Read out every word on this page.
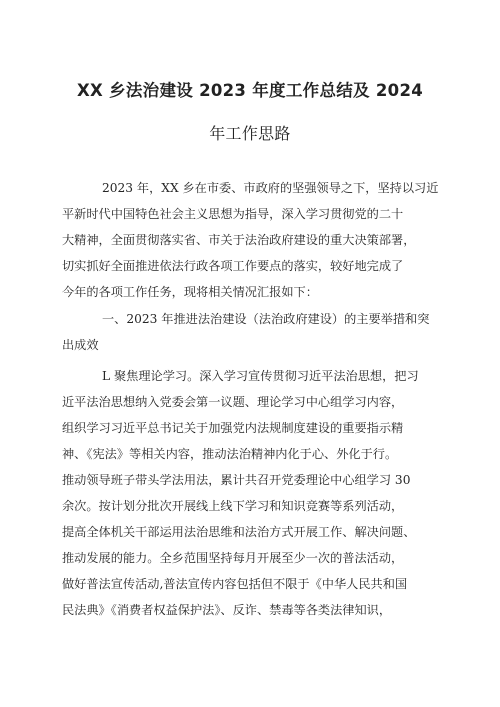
XX 乡法治建设 2023 年度工作总结及 2024
年工作思路
2023 年，XX 乡在市委、市政府的坚强领导之下，坚持以习近
平新时代中国特色社会主义思想为指导，深入学习贯彻党的二十
大精神，全面贯彻落实省、市关于法治政府建设的重大决策部署，
切实抓好全面推进依法行政各项工作要点的落实，较好地完成了
今年的各项工作任务，现将相关情况汇报如下：
一、2023 年推进法治建设（法治政府建设）的主要举措和突
出成效
L 聚焦理论学习。深入学习宣传贯彻习近平法治思想，把习
近平法治思想纳入党委会第一议题、理论学习中心组学习内容，
组织学习习近平总书记关于加强党内法规制度建设的重要指示精
神、《宪法》等相关内容，推动法治精神内化于心、外化于行。
推动领导班子带头学法用法，累计共召开党委理论中心组学习 30
余次。按计划分批次开展线上线下学习和知识竞赛等系列活动，
提高全体机关干部运用法治思维和法治方式开展工作、解决问题、
推动发展的能力。全乡范围坚持每月开展至少一次的普法活动，
做好普法宣传活动,普法宣传内容包括但不限于《中华人民共和国
民法典》《消费者权益保护法》、反诈、禁毒等各类法律知识，
